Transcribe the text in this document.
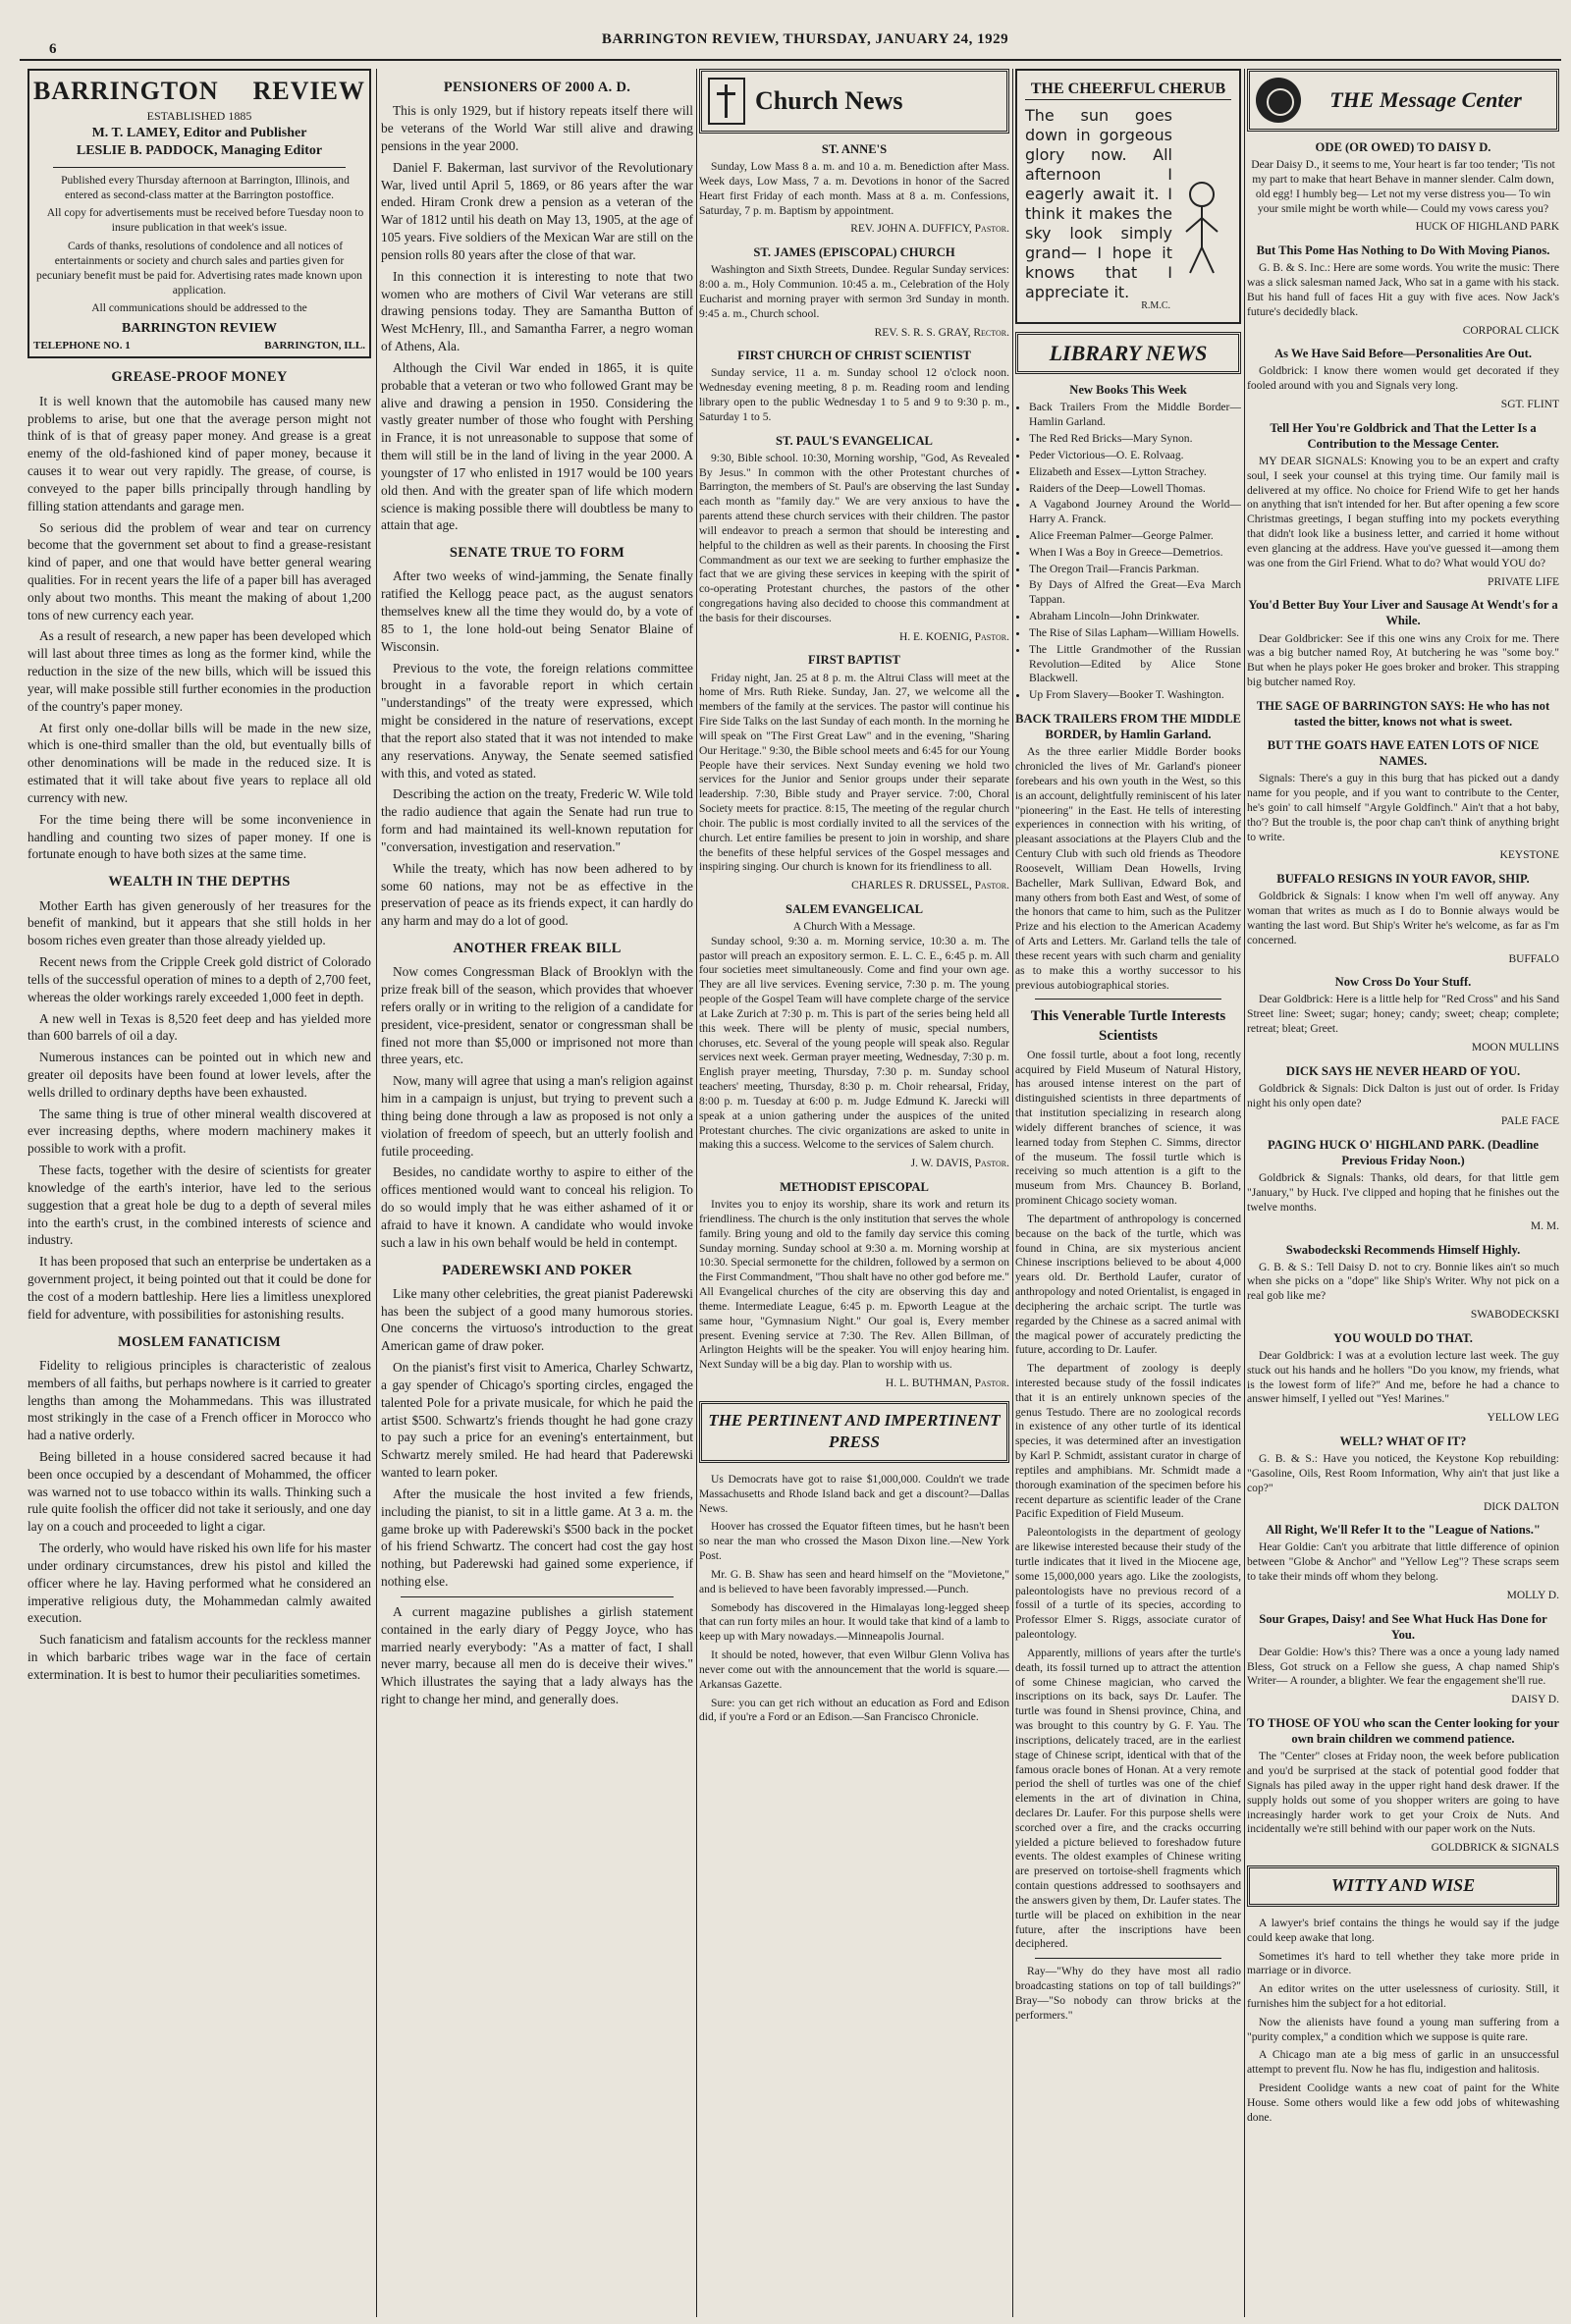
6
BARRINGTON REVIEW, THURSDAY, JANUARY 24, 1929
BARRINGTON REVIEW
ESTABLISHED 1885
M. T. LAMEY, Editor and Publisher
LESLIE B. PADDOCK, Managing Editor

Published every Thursday afternoon at Barrington, Illinois, and entered as second-class matter at the Barrington postoffice.

All copy for advertisements must be received before Tuesday noon to insure publication in that week's issue.

Cards of thanks, resolutions of condolence and all notices of entertainments or society and church sales and parties given for pecuniary benefit must be paid for. Advertising rates made known upon application.

All communications should be addressed to the

BARRINGTON REVIEW
TELEPHONE NO. 1	BARRINGTON, ILL.
GREASE-PROOF MONEY

It is well known that the automobile has caused many new problems to arise, but one that the average person might not think of is that of greasy paper money. And grease is a great enemy of the old-fashioned kind of paper money, because it causes it to wear out very rapidly. The grease, of course, is conveyed to the paper bills principally through handling by filling station attendants and garage men.

So serious did the problem of wear and tear on currency become that the government set about to find a grease-resistant kind of paper, and one that would have better general wearing qualities. For in recent years the life of a paper bill has averaged only about two months. This meant the making of about 1,200 tons of new currency each year.

As a result of research, a new paper has been developed which will last about three times as long as the former kind, while the reduction in the size of the new bills, which will be issued this year, will make possible still further economies in the production of the country's paper money.

At first only one-dollar bills will be made in the new size, which is one-third smaller than the old, but eventually bills of other denominations will be made in the reduced size. It is estimated that it will take about five years to replace all old currency with new.

For the time being there will be some inconvenience in handling and counting two sizes of paper money. If one is fortunate enough to have both sizes at the same time.

WEALTH IN THE DEPTHS

Mother Earth has given generously of her treasures for the benefit of mankind, but it appears that she still holds in her bosom riches even greater than those already yielded up.

Recent news from the Cripple Creek gold district of Colorado tells of the successful operation of mines to a depth of 2,700 feet, whereas the older workings rarely exceeded 1,000 feet in depth.

A new well in Texas is 8,520 feet deep and has yielded more than 600 barrels of oil a day.

Numerous instances can be pointed out in which new and greater oil deposits have been found at lower levels, after the wells drilled to ordinary depths have been exhausted.

The same thing is true of other mineral wealth discovered at ever increasing depths, where modern machinery makes it possible to work with a profit.

These facts, together with the desire of scientists for greater knowledge of the earth's interior, have led to the serious suggestion that a great hole be dug to a depth of several miles into the earth's crust, in the combined interests of science and industry.

It has been proposed that such an enterprise be undertaken as a government project, it being pointed out that it could be done for the cost of a modern battleship. Here lies a limitless unexplored field for adventure, with possibilities for astonishing results.

MOSLEM FANATICISM

Fidelity to religious principles is characteristic of zealous members of all faiths, but perhaps nowhere is it carried to greater lengths than among the Mohammedans. This was illustrated most strikingly in the case of a French officer in Morocco who had a native orderly.

Being billeted in a house considered sacred because it had been once occupied by a descendant of Mohammed, the officer was warned not to use tobacco within its walls. Thinking such a rule quite foolish the officer did not take it seriously, and one day lay on a couch and proceeded to light a cigar.

The orderly, who would have risked his own life for his master under ordinary circumstances, drew his pistol and killed the officer where he lay. Having performed what he considered an imperative religious duty, the Mohammedan calmly awaited execution.

Such fanaticism and fatalism accounts for the reckless manner in which barbaric tribes wage war in the face of certain extermination. It is best to humor their peculiarities sometimes.

PENSIONERS OF 2000 A. D.

This is only 1929, but if history repeats itself there will be veterans of the World War still alive and drawing pensions in the year 2000.

Daniel F. Bakerman, last survivor of the Revolutionary War, lived until April 5, 1869, or 86 years after the war ended. Hiram Cronk drew a pension as a veteran of the War of 1812 until his death on May 13, 1905, at the age of 105 years. Five soldiers of the Mexican War are still on the pension rolls 80 years after the close of that war.

In this connection it is interesting to note that two women who are mothers of Civil War veterans are still drawing pensions today. They are Samantha Button of West McHenry, Ill., and Samantha Farrer, a negro woman of Athens, Ala.

Although the Civil War ended in 1865, it is quite probable that a veteran or two who followed Grant may be alive and drawing a pension in 1950. Considering the vastly greater number of those who fought with Pershing in France, it is not unreasonable to suppose that some of them will still be in the land of living in the year 2000. A youngster of 17 who enlisted in 1917 would be 100 years old then. And with the greater span of life which modern science is making possible there will doubtless be many to attain that age.

SENATE TRUE TO FORM

After two weeks of wind-jamming, the Senate finally ratified the Kellogg peace pact, as the august senators themselves knew all the time they would do, by a vote of 85 to 1, the lone hold-out being Senator Blaine of Wisconsin.

Previous to the vote, the foreign relations committee brought in a favorable report in which certain "understandings" of the treaty were expressed, which might be considered in the nature of reservations, except that the report also stated that it was not intended to make any reservations. Anyway, the Senate seemed satisfied with this, and voted as stated.

Describing the action on the treaty, Frederic W. Wile told the radio audience that again the Senate had run true to form and had maintained its well-known reputation for "conversation, investigation and reservation."

While the treaty, which has now been adhered to by some 60 nations, may not be as effective in the preservation of peace as its friends expect, it can hardly do any harm and may do a lot of good.

ANOTHER FREAK BILL

Now comes Congressman Black of Brooklyn with the prize freak bill of the season, which provides that whoever refers orally or in writing to the religion of a candidate for president, vice-president, senator or congressman shall be fined not more than $5,000 or imprisoned not more than three years, etc.

Now, many will agree that using a man's religion against him in a campaign is unjust, but trying to prevent such a thing being done through a law as proposed is not only a violation of freedom of speech, but an utterly foolish and futile proceeding.

Besides, no candidate worthy to aspire to either of the offices mentioned would want to conceal his religion. To do so would imply that he was either ashamed of it or afraid to have it known. A candidate who would invoke such a law in his own behalf would be held in contempt.

PADEREWSKI AND POKER

Like many other celebrities, the great pianist Paderewski has been the subject of a good many humorous stories. One concerns the virtuoso's introduction to the great American game of draw poker.

On the pianist's first visit to America, Charley Schwartz, a gay spender of Chicago's sporting circles, engaged the talented Pole for a private musicale, for which he paid the artist $500. Schwartz's friends thought he had gone crazy to pay such a price for an evening's entertainment, but Schwartz merely smiled. He had heard that Paderewski wanted to learn poker.

After the musicale the host invited a few friends, including the pianist, to sit in a little game. At 3 a. m. the game broke up with Paderewski's $500 back in the pocket of his friend Schwartz. The concert had cost the gay host nothing, but Paderewski had gained some experience, if nothing else.

A current magazine publishes a girlish statement contained in the early diary of Peggy Joyce, who has married nearly everybody: "As a matter of fact, I shall never marry, because all men do is deceive their wives." Which illustrates the saying that a lady always has the right to change her mind, and generally does.

Church News
ST. ANNE'S

Sunday, Low Mass 8 a. m. and 10 a. m. Benediction after Mass. Week days, Low Mass, 7 a. m. Devotions in honor of the Sacred Heart first Friday of each month. Mass at 8 a. m. Confessions, Saturday, 7 p. m. Baptism by appointment.

REV. JOHN A. DUFFICY, Pastor.
ST. JAMES (EPISCOPAL) CHURCH

Washington and Sixth Streets, Dundee. Regular Sunday services: 8:00 a. m., Holy Communion. 10:45 a. m., Celebration of the Holy Eucharist and morning prayer with sermon 3rd Sunday in month. 9:45 a. m., Church school.

REV. S. R. S. GRAY, Rector.
FIRST CHURCH OF CHRIST SCIENTIST

Sunday service, 11 a. m. Sunday school 12 o'clock noon. Wednesday evening meeting, 8 p. m. Reading room and lending library open to the public Wednesday 1 to 5 and 9 to 9:30 p. m., Saturday 1 to 5.

ST. PAUL'S EVANGELICAL

9:30, Bible school. 10:30, Morning worship, "God, As Revealed By Jesus." In common with the other Protestant churches of Barrington, the members of St. Paul's are observing the last Sunday each month as "family day." We are very anxious to have the parents attend these church services with their children. The pastor will endeavor to preach a sermon that should be interesting and helpful to the children as well as their parents. In choosing the First Commandment as our text we are seeking to further emphasize the fact that we are giving these services in keeping with the spirit of co-operating Protestant churches, the pastors of the other congregations having also decided to choose this commandment at the basis for their discourses.

H. E. KOENIG, Pastor.
FIRST BAPTIST

Friday night, Jan. 25 at 8 p. m. the Altrui Class will meet at the home of Mrs. Ruth Rieke. Sunday, Jan. 27, we welcome all the members of the family at the services. The pastor will continue his Fire Side Talks on the last Sunday of each month. In the morning he will speak on "The First Great Law" and in the evening, "Sharing Our Heritage." 9:30, the Bible school meets and 6:45 for our Young People have their services. Next Sunday evening we hold two services for the Junior and Senior groups under their separate leadership. 7:30, Bible study and Prayer service. 7:00, Choral Society meets for practice. 8:15, The meeting of the regular church choir. The public is most cordially invited to all the services of the church. Let entire families be present to join in worship, and share the benefits of these helpful services of the Gospel messages and inspiring singing. Our church is known for its friendliness to all.

CHARLES R. DRUSSEL, Pastor.
SALEM EVANGELICAL
A Church With a Message.

Sunday school, 9:30 a. m. Morning service, 10:30 a. m. The pastor will preach an expository sermon. E. L. C. E., 6:45 p. m. All four societies meet simultaneously. Come and find your own age. They are all live services. Evening service, 7:30 p. m. The young people of the Gospel Team will have complete charge of the service at Lake Zurich at 7:30 p. m. This is part of the series being held all this week. There will be plenty of music, special numbers, choruses, etc. Several of the young people will speak also. Regular services next week. German prayer meeting, Wednesday, 7:30 p. m. English prayer meeting, Thursday, 7:30 p. m. Sunday school teachers' meeting, Thursday, 8:30 p. m. Choir rehearsal, Friday, 8:00 p. m. Tuesday at 6:00 p. m. Judge Edmund K. Jarecki will speak at a union gathering under the auspices of the united Protestant churches. The civic organizations are asked to unite in making this a success. Welcome to the services of Salem church.

J. W. DAVIS, Pastor.
METHODIST EPISCOPAL

Invites you to enjoy its worship, share its work and return its friendliness. The church is the only institution that serves the whole family. Bring young and old to the family day service this coming Sunday morning. Sunday school at 9:30 a. m. Morning worship at 10:30. Special sermonette for the children, followed by a sermon on the First Commandment, "Thou shalt have no other god before me." All Evangelical churches of the city are observing this day and theme. Intermediate League, 6:45 p. m. Epworth League at the same hour, "Gymnasium Night." Our goal is, Every member present. Evening service at 7:30. The Rev. Allen Billman, of Arlington Heights will be the speaker. You will enjoy hearing him. Next Sunday will be a big day. Plan to worship with us.

H. L. BUTHMAN, Pastor.
THE PERTINENT AND IMPERTINENT PRESS

Us Democrats have got to raise $1,000,000. Couldn't we trade Massachusetts and Rhode Island back and get a discount?—Dallas News.

Hoover has crossed the Equator fifteen times, but he hasn't been so near the man who crossed the Mason Dixon line.—New York Post.

Mr. G. B. Shaw has seen and heard himself on the "Movietone," and is believed to have been favorably impressed.—Punch.

Somebody has discovered in the Himalayas long-legged sheep that can run forty miles an hour. It would take that kind of a lamb to keep up with Mary nowadays.—Minneapolis Journal.

It should be noted, however, that even Wilbur Glenn Voliva has never come out with the announcement that the world is square.—Arkansas Gazette.

Sure: you can get rich without an education as Ford and Edison did, if you're a Ford or an Edison.—San Francisco Chronicle.

THE CHEERFUL CHERUB
The sun goes down in gorgeous glory now. All afternoon I eagerly await it. I think it makes the sky look simply grand— I hope it knows that I appreciate it.
R.M.C.
LIBRARY NEWS
New Books This Week
• Back Trailers From the Middle Border—Hamlin Garland.
• The Red Red Bricks—Mary Synon.
• Peder Victorious—O. E. Rolvaag.
• Elizabeth and Essex—Lytton Strachey.
• Raiders of the Deep—Lowell Thomas.
• A Vagabond Journey Around the World—Harry A. Franck.
• Alice Freeman Palmer—George Palmer.
• When I Was a Boy in Greece—Demetrios.
• The Oregon Trail—Francis Parkman.
• By Days of Alfred the Great—Eva March Tappan.
• Abraham Lincoln—John Drinkwater.
• The Rise of Silas Lapham—William Howells.
• The Little Grandmother of the Russian Revolution—Edited by Alice Stone Blackwell.
• Up From Slavery—Booker T. Washington.
BACK TRAILERS FROM THE MIDDLE BORDER, by Hamlin Garland.

As the three earlier Middle Border books chronicled the lives of Mr. Garland's pioneer forebears and his own youth in the West, so this is an account, delightfully reminiscent of his later "pioneering" in the East. He tells of interesting experiences in connection with his writing, of pleasant associations at the Players Club and the Century Club with such old friends as Theodore Roosevelt, William Dean Howells, Irving Bacheller, Mark Sullivan, Edward Bok, and many others from both East and West, of some of the honors that came to him, such as the Pulitzer Prize and his election to the American Academy of Arts and Letters. Mr. Garland tells the tale of these recent years with such charm and geniality as to make this a worthy successor to his previous autobiographical stories.

This Venerable Turtle Interests Scientists

One fossil turtle, about a foot long, recently acquired by Field Museum of Natural History, has aroused intense interest on the part of distinguished scientists in three departments of that institution specializing in research along widely different branches of science, it was learned today from Stephen C. Simms, director of the museum. The fossil turtle which is receiving so much attention is a gift to the museum from Mrs. Chauncey B. Borland, prominent Chicago society woman.

The department of anthropology is concerned because on the back of the turtle, which was found in China, are six mysterious ancient Chinese inscriptions believed to be about 4,000 years old. Dr. Berthold Laufer, curator of anthropology and noted Orientalist, is engaged in deciphering the archaic script. The turtle was regarded by the Chinese as a sacred animal with the magical power of accurately predicting the future, according to Dr. Laufer.

The department of zoology is deeply interested because study of the fossil indicates that it is an entirely unknown species of the genus Testudo. There are no zoological records in existence of any other turtle of its identical species, it was determined after an investigation by Karl P. Schmidt, assistant curator in charge of reptiles and amphibians. Mr. Schmidt made a thorough examination of the specimen before his recent departure as scientific leader of the Crane Pacific Expedition of Field Museum.

Paleontologists in the department of geology are likewise interested because their study of the turtle indicates that it lived in the Miocene age, some 15,000,000 years ago. Like the zoologists, paleontologists have no previous record of a fossil of a turtle of its species, according to Professor Elmer S. Riggs, associate curator of paleontology.

Apparently, millions of years after the turtle's death, its fossil turned up to attract the attention of some Chinese magician, who carved the inscriptions on its back, says Dr. Laufer. The turtle was found in Shensi province, China, and was brought to this country by G. F. Yau. The inscriptions, delicately traced, are in the earliest stage of Chinese script, identical with that of the famous oracle bones of Honan. At a very remote period the shell of turtles was one of the chief elements in the art of divination in China, declares Dr. Laufer. For this purpose shells were scorched over a fire, and the cracks occurring yielded a picture believed to foreshadow future events. The oldest examples of Chinese writing are preserved on tortoise-shell fragments which contain questions addressed to soothsayers and the answers given by them, Dr. Laufer states. The turtle will be placed on exhibition in the near future, after the inscriptions have been deciphered.

Ray—"Why do they have most all radio broadcasting stations on top of tall buildings?" Bray—"So nobody can throw bricks at the performers."

THE Message Center
ODE (OR OWED) TO DAISY D.

Dear Daisy D., it seems to me, Your heart is far too tender; 'Tis not my part to make that heart Behave in manner slender. Calm down, old egg! I humbly beg— Let not my verse distress you— To win your smile might be worth while— Could my vows caress you?

HUCK OF HIGHLAND PARK
But This Pome Has Nothing to Do With Moving Pianos.

G. B. & S. Inc.: Here are some words. You write the music: There was a slick salesman named Jack, Who sat in a game with his stack. But his hand full of faces Hit a guy with five aces. Now Jack's future's decidedly black.

CORPORAL CLICK
As We Have Said Before—Personalities Are Out.

Goldbrick: I know there women would get decorated if they fooled around with you and Signals very long.

SGT. FLINT
Tell Her You're Goldbrick and That the Letter Is a Contribution to the Message Center.

MY DEAR SIGNALS: Knowing you to be an expert and crafty soul, I seek your counsel at this trying time. Our family mail is delivered at my office. No choice for Friend Wife to get her hands on anything that isn't intended for her. But after opening a few score Christmas greetings, I began stuffing into my pockets everything that didn't look like a business letter, and carried it home without even glancing at the address. Have you've guessed it—among them was one from the Girl Friend. What to do? What would YOU do?

PRIVATE LIFE
You'd Better Buy Your Liver and Sausage At Wendt's for a While.

Dear Goldbricker: See if this one wins any Croix for me. There was a big butcher named Roy, At butchering he was "some boy." But when he plays poker He goes broker and broker. This strapping big butcher named Roy.

THE SAGE OF BARRINGTON SAYS: He who has not tasted the bitter, knows not what is sweet.
BUT THE GOATS HAVE EATEN LOTS OF NICE NAMES.

Signals: There's a guy in this burg that has picked out a dandy name for you people, and if you want to contribute to the Center, he's goin' to call himself "Argyle Goldfinch." Ain't that a hot baby, tho'? But the trouble is, the poor chap can't think of anything bright to write.

KEYSTONE
BUFFALO RESIGNS IN YOUR FAVOR, SHIP.

Goldbrick & Signals: I know when I'm well off anyway. Any woman that writes as much as I do to Bonnie always would be wanting the last word. But Ship's Writer he's welcome, as far as I'm concerned.

BUFFALO
Now Cross Do Your Stuff.

Dear Goldbrick: Here is a little help for "Red Cross" and his Sand Street line: Sweet; sugar; honey; candy; sweet; cheap; complete; retreat; bleat; Greet.

MOON MULLINS
DICK SAYS HE NEVER HEARD OF YOU.

Goldbrick & Signals: Dick Dalton is just out of order. Is Friday night his only open date?

PALE FACE
PAGING HUCK O' HIGHLAND PARK. (Deadline Previous Friday Noon.)

Goldbrick & Signals: Thanks, old dears, for that little gem "January," by Huck. I've clipped and hoping that he finishes out the twelve months.

M. M.
Swabodeckski Recommends Himself Highly.

G. B. & S.: Tell Daisy D. not to cry. Bonnie likes ain't so much when she picks on a "dope" like Ship's Writer. Why not pick on a real gob like me?

SWABODECKSKI
YOU WOULD DO THAT.

Dear Goldbrick: I was at a evolution lecture last week. The guy stuck out his hands and he hollers "Do you know, my friends, what is the lowest form of life?" And me, before he had a chance to answer himself, I yelled out "Yes! Marines."

YELLOW LEG
WELL? WHAT OF IT?

G. B. & S.: Have you noticed, the Keystone Kop rebuilding: "Gasoline, Oils, Rest Room Information, Why ain't that just like a cop?"

DICK DALTON
All Right, We'll Refer It to the "League of Nations."

Hear Goldie: Can't you arbitrate that little difference of opinion between "Globe & Anchor" and "Yellow Leg"? These scraps seem to take their minds off whom they belong.

MOLLY D.
Sour Grapes, Daisy! and See What Huck Has Done for You.

Dear Goldie: How's this? There was a once a young lady named Bless, Got struck on a Fellow she guess, A chap named Ship's Writer— A rounder, a blighter. We fear the engagement she'll rue.

DAISY D.
TO THOSE OF YOU who scan the Center looking for your own brain children we commend patience.

The "Center" closes at Friday noon, the week before publication and you'd be surprised at the stack of potential good fodder that Signals has piled away in the upper right hand desk drawer. If the supply holds out some of you shopper writers are going to have increasingly harder work to get your Croix de Nuts. And incidentally we're still behind with our paper work on the Nuts.

GOLDBRICK & SIGNALS
WITTY AND WISE

A lawyer's brief contains the things he would say if the judge could keep awake that long.

Sometimes it's hard to tell whether they take more pride in marriage or in divorce.

An editor writes on the utter uselessness of curiosity. Still, it furnishes him the subject for a hot editorial.

Now the alienists have found a young man suffering from a "purity complex," a condition which we suppose is quite rare.

A Chicago man ate a big mess of garlic in an unsuccessful attempt to prevent flu. Now he has flu, indigestion and halitosis.

President Coolidge wants a new coat of paint for the White House. Some others would like a few odd jobs of whitewashing done.
